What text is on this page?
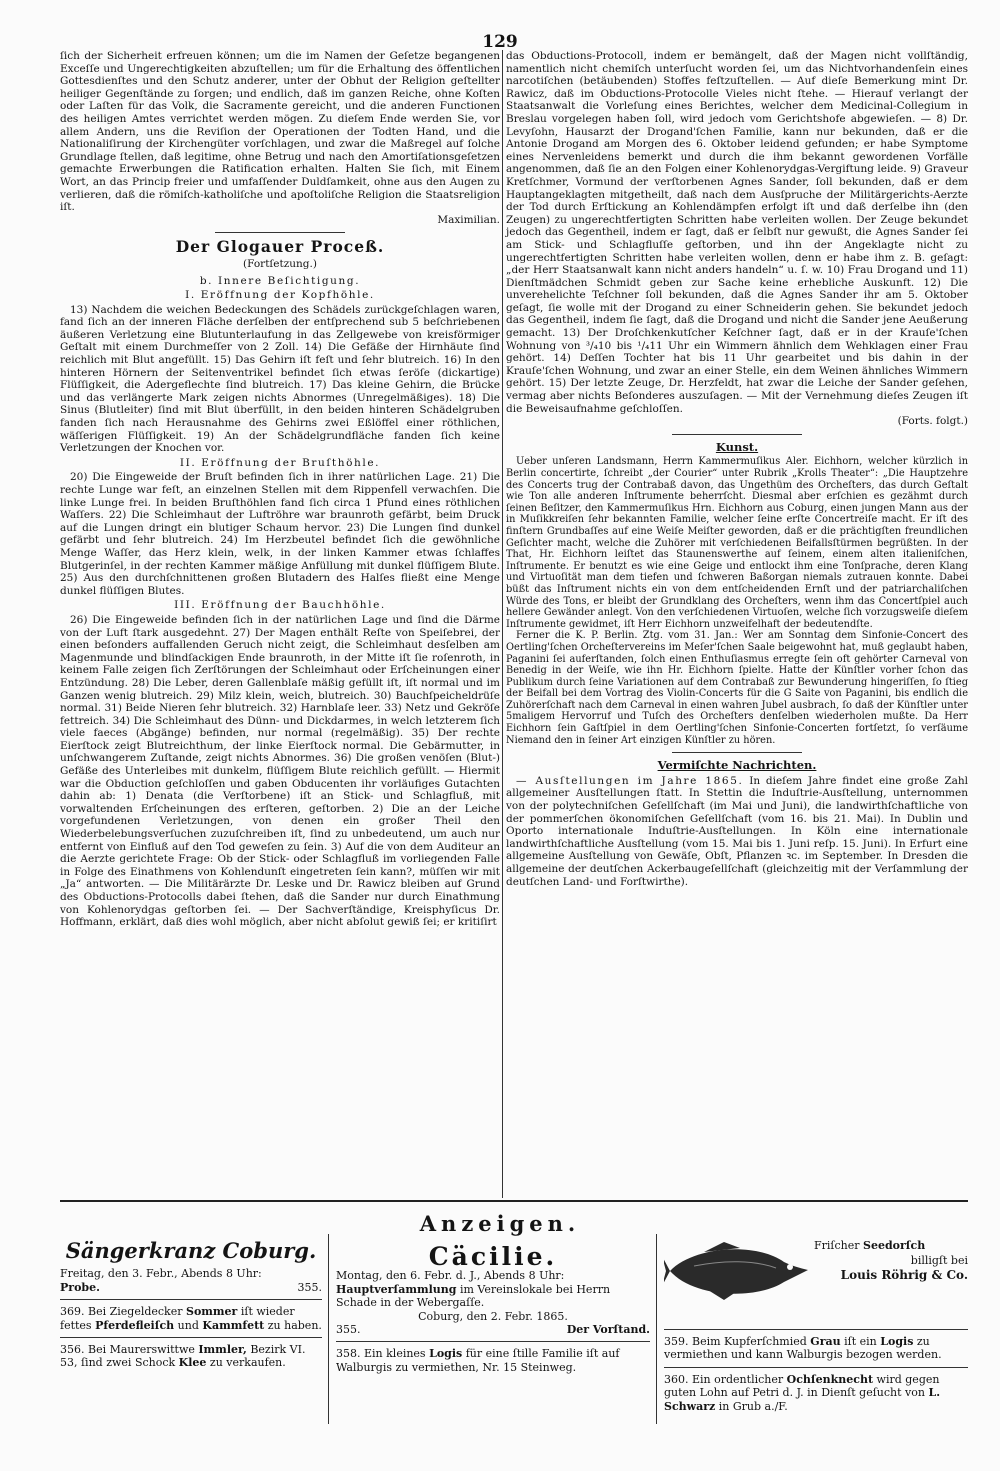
129

ſich der Sicherheit erfreuen können; um die im Namen der Geſetze begangenen Exceſſe und Ungerechtigkeiten abzuſtellen; um für die Erhaltung des öffentlichen Gottesdienſtes und den Schutz anderer, unter der Obhut der Religion geſtellter heiliger Gegenſtände zu ſorgen; und endlich, daß im ganzen Reiche, ohne Koſten oder Laſten für das Volk, die Sacramente gereicht, und die anderen Functionen des heiligen Amtes verrichtet werden mögen. Zu dieſem Ende werden Sie, vor allem Andern, uns die Reviſion der Operationen der Todten Hand, und die Nationaliſirung der Kirchengüter vorſchlagen, und zwar die Maßregel auf ſolche Grundlage ſtellen, daß legitime, ohne Betrug und nach den Amortiſationsgeſetzen gemachte Erwerbungen die Ratification erhalten. Halten Sie ſich, mit Einem Wort, an das Princip freier und umfaſſender Duldſamkeit, ohne aus den Augen zu verlieren, daß die römiſch-katholiſche und apoſtoliſche Religion die Staatsreligion iſt.

Maximilian.

Der Glogauer Proceß.
(Fortſetzung.)
b. Innere Beſichtigung.
I. Eröffnung der Kopfhöhle.

13) Nachdem die weichen Bedeckungen des Schädels zurückgeſchlagen waren, fand ſich an der inneren Fläche derſelben der entſprechend sub 5 beſchriebenen äußeren Verletzung eine Blutunterlaufung in das Zellgewebe von kreisförmiger Geſtalt mit einem Durchmeſſer von 2 Zoll. 14) Die Gefäße der Hirnhäute ſind reichlich mit Blut angefüllt. 15) Das Gehirn iſt feſt und ſehr blutreich. 16) In den hinteren Hörnern der Seitenventrikel befindet ſich etwas ſeröſe (dickartige) Flüſſigkeit, die Adergeflechte ſind blutreich. 17) Das kleine Gehirn, die Brücke und das verlängerte Mark zeigen nichts Abnormes (Unregelmäßiges). 18) Die Sinus (Blutleiter) ſind mit Blut überfüllt, in den beiden hinteren Schädelgruben fanden ſich nach Herausnahme des Gehirns zwei Eßlöffel einer röthlichen, wäſſerigen Flüſſigkeit. 19) An der Schädelgrundfläche fanden ſich keine Verletzungen der Knochen vor.

II. Eröffnung der Bruſthöhle.

20) Die Eingeweide der Bruſt befinden ſich in ihrer natürlichen Lage. 21) Die rechte Lunge war feſt, an einzelnen Stellen mit dem Rippenfell verwachſen. Die linke Lunge frei. In beiden Bruſthöhlen fand ſich circa 1 Pfund eines röthlichen Waſſers. 22) Die Schleimhaut der Luftröhre war braunroth gefärbt, beim Druck auf die Lungen dringt ein blutiger Schaum hervor. 23) Die Lungen ſind dunkel gefärbt und ſehr blutreich. 24) Im Herzbeutel befindet ſich die gewöhnliche Menge Waſſer, das Herz klein, welk, in der linken Kammer etwas ſchlaffes Blutgerinſel, in der rechten Kammer mäßige Anfüllung mit dunkel flüſſigem Blute. 25) Aus den durchſchnittenen großen Blutadern des Halſes fließt eine Menge dunkel flüſſigen Blutes.

III. Eröffnung der Bauchhöhle.

26) Die Eingeweide befinden ſich in der natürlichen Lage und ſind die Därme von der Luft ſtark ausgedehnt. 27) Der Magen enthält Reſte von Speiſebrei, der einen beſonders auffallenden Geruch nicht zeigt, die Schleimhaut desſelben am Magenmunde und blindſackigen Ende braunroth, in der Mitte iſt ſie roſenroth, in keinem Falle zeigen ſich Zerſtörungen der Schleimhaut oder Erſcheinungen einer Entzündung. 28) Die Leber, deren Gallenblaſe mäßig gefüllt iſt, iſt normal und im Ganzen wenig blutreich. 29) Milz klein, weich, blutreich. 30) Bauchſpeicheldrüſe normal. 31) Beide Nieren ſehr blutreich. 32) Harnblaſe leer. 33) Netz und Gekröſe fettreich. 34) Die Schleimhaut des Dünn- und Dickdarmes, in welch letzterem ſich viele faeces (Abgänge) befinden, nur normal (regelmäßig). 35) Der rechte Eierſtock zeigt Blutreichthum, der linke Eierſtock normal. Die Gebärmutter, in unſchwangerem Zuſtande, zeigt nichts Abnormes. 36) Die großen venöſen (Blut-) Gefäße des Unterleibes mit dunkelm, flüſſigem Blute reichlich gefüllt. — Hiermit war die Obduction geſchloſſen und gaben Obducenten ihr vorläufiges Gutachten dahin ab: 1) Denata (die Verſtorbene) iſt an Stick- und Schlagfluß, mit vorwaltenden Erſcheinungen des erſteren, geſtorben. 2) Die an der Leiche vorgefundenen Verletzungen, von denen ein großer Theil den Wiederbelebungsverſuchen zuzuſchreiben iſt, ſind zu unbedeutend, um auch nur entfernt von Einfluß auf den Tod geweſen zu ſein. 3) Auf die von dem Auditeur an die Aerzte gerichtete Frage: Ob der Stick- oder Schlagfluß im vorliegenden Falle in Folge des Einathmens von Kohlendunſt eingetreten ſein kann?, müſſen wir mit „Ja“ antworten. — Die Militärärzte Dr. Leske und Dr. Rawicz bleiben auf Grund des Obductions-Protocolls dabei ſtehen, daß die Sander nur durch Einathmung von Kohlenorydgas geſtorben ſei. — Der Sachverſtändige, Kreisphyſicus Dr. Hoffmann, erklärt, daß dies wohl möglich, aber nicht abſolut gewiß ſei; er kritiſirt

das Obductions-Protocoll, indem er bemängelt, daß der Magen nicht vollſtändig, namentlich nicht chemiſch unterſucht worden ſei, um das Nichtvorhandenſein eines narcotiſchen (betäubenden) Stoffes feſtzuſtellen. — Auf dieſe Bemerkung mint Dr. Rawicz, daß im Obductions-Protocolle Vieles nicht ſtehe. — Hierauf verlangt der Staatsanwalt die Vorleſung eines Berichtes, welcher dem Medicinal-Collegium in Breslau vorgelegen haben ſoll, wird jedoch vom Gerichtshofe abgewieſen. — 8) Dr. Levyſohn, Hausarzt der Drogand'ſchen Familie, kann nur bekunden, daß er die Antonie Drogand am Morgen des 6. Oktober leidend gefunden; er habe Symptome eines Nervenleidens bemerkt und durch die ihm bekannt gewordenen Vorfälle angenommen, daß ſie an den Folgen einer Kohlenorydgas-Vergiftung leide. 9) Graveur Kretſchmer, Vormund der verſtorbenen Agnes Sander, ſoll bekunden, daß er dem Hauptangeklagten mitgetheilt, daß nach dem Ausſpruche der Militärgerichts-Aerzte der Tod durch Erſtickung an Kohlendämpfen erfolgt iſt und daß derſelbe ihn (den Zeugen) zu ungerechtfertigten Schritten habe verleiten wollen. Der Zeuge bekundet jedoch das Gegentheil, indem er ſagt, daß er ſelbſt nur gewußt, die Agnes Sander ſei am Stick- und Schlagfluſſe geſtorben, und ihn der Angeklagte nicht zu ungerechtfertigten Schritten habe verleiten wollen, denn er habe ihm z. B. geſagt: „der Herr Staatsanwalt kann nicht anders handeln“ u. ſ. w. 10) Frau Drogand und 11) Dienſtmädchen Schmidt geben zur Sache keine erhebliche Auskunft. 12) Die unverehelichte Teſchner ſoll bekunden, daß die Agnes Sander ihr am 5. Oktober geſagt, ſie wolle mit der Drogand zu einer Schneiderin gehen. Sie bekundet jedoch das Gegentheil, indem ſie ſagt, daß die Drogand und nicht die Sander jene Aeußerung gemacht. 13) Der Droſchkenkutſcher Keſchner ſagt, daß er in der Krauſe'ſchen Wohnung von ³/₄10 bis ¹/₄11 Uhr ein Wimmern ähnlich dem Wehklagen einer Frau gehört. 14) Deſſen Tochter hat bis 11 Uhr gearbeitet und bis dahin in der Krauſe'ſchen Wohnung, und zwar an einer Stelle, ein dem Weinen ähnliches Wimmern gehört. 15) Der letzte Zeuge, Dr. Herzfeldt, hat zwar die Leiche der Sander geſehen, vermag aber nichts Beſonderes auszuſagen. — Mit der Vernehmung dieſes Zeugen iſt die Beweisaufnahme geſchloſſen.

(Forts. folgt.)

Kunst.

Ueber unſeren Landsmann, Herrn Kammermuſikus Aler. Eichhorn, welcher kürzlich in Berlin concertirte, ſchreibt „der Courier“ unter Rubrik „Krolls Theater“: „Die Hauptzehre des Concerts trug der Contrabaß davon, das Ungethüm des Orcheſters, das durch Geſtalt wie Ton alle anderen Inſtrumente beherrſcht. Diesmal aber erſchien es gezähmt durch ſeinen Beſitzer, den Kammermuſikus Hrn. Eichhorn aus Coburg, einen jungen Mann aus der in Muſikkreiſen ſehr bekannten Familie, welcher ſeine erſte Concertreiſe macht. Er iſt des finſtern Grundbaſſes auf eine Weiſe Meiſter geworden, daß er die prächtigſten freundlichen Geſichter macht, welche die Zuhörer mit verſchiedenen Beifallsſtürmen begrüßten. In der That, Hr. Eichhorn leiſtet das Staunenswerthe auf ſeinem, einem alten italieniſchen, Inſtrumente. Er benutzt es wie eine Geige und entlockt ihm eine Tonſprache, deren Klang und Virtuoſität man dem tiefen und ſchweren Baßorgan niemals zutrauen konnte. Dabei büßt das Inſtrument nichts ein von dem entſcheidenden Ernſt und der patriarchaliſchen Würde des Tons, er bleibt der Grundklang des Orcheſters, wenn ihm das Concertſpiel auch hellere Gewänder anlegt. Von den verſchiedenen Virtuoſen, welche ſich vorzugsweiſe dieſem Inſtrumente gewidmet, iſt Herr Eichhorn unzweifelhaft der bedeutendſte.

Ferner die K. P. Berlin. Ztg. vom 31. Jan.: Wer am Sonntag dem Sinfonie-Concert des Oertling'ſchen Orcheſtervereins im Meſer'ſchen Saale beigewohnt hat, muß geglaubt haben, Paganini ſei auferſtanden, ſolch einen Enthuſiasmus erregte ſein oft gehörter Carneval von Benedig in der Weiſe, wie ihn Hr. Eichhorn ſpielte. Hatte der Künſtler vorher ſchon das Publikum durch ſeine Variationen auf dem Contrabaß zur Bewunderung hingeriſſen, ſo ſtieg der Beifall bei dem Vortrag des Violin-Concerts für die G Saite von Paganini, bis endlich die Zuhörerſchaft nach dem Carneval in einen wahren Jubel ausbrach, ſo daß der Künſtler unter 5maligem Hervorruf und Tuſch des Orcheſters denſelben wiederholen mußte. Da Herr Eichhorn ſein Gaſtſpiel in dem Oertling'ſchen Sinfonie-Concerten fortſetzt, ſo verſäume Niemand den in ſeiner Art einzigen Künſtler zu hören.

Vermiſchte Nachrichten.

— Ausſtellungen im Jahre 1865. In dieſem Jahre findet eine große Zahl allgemeiner Ausſtellungen ſtatt. In Stettin die Induſtrie-Ausſtellung, unternommen von der polytechniſchen Geſellſchaft (im Mai und Juni), die landwirthſchaftliche von der pommerſchen ökonomiſchen Geſellſchaft (vom 16. bis 21. Mai). In Dublin und Oporto internationale Induſtrie-Ausſtellungen. In Köln eine internationale landwirthſchaftliche Ausſtellung (vom 15. Mai bis 1. Juni reſp. 15. Juni). In Erfurt eine allgemeine Ausſtellung von Gewäſe, Obſt, Pflanzen ꝛc. im September. In Dresden die allgemeine der deutſchen Ackerbaugeſellſchaft (gleichzeitig mit der Verſammlung der deutſchen Land- und Forſtwirthe).

Anzeigen.
Sängerkranz Coburg.

Freitag, den 3. Febr., Abends 8 Uhr:

Probe.	355.

369. Bei Ziegeldecker Sommer iſt wieder fettes Pferdefleiſch und Kammfett zu haben.

356. Bei Maurerswittwe Immler, Bezirk VI. 53, ſind zwei Schock Klee zu verkaufen.

Cäcilie.

Montag, den 6. Febr. d. J., Abends 8 Uhr:

Hauptverſammlung im Vereinslokale bei Herrn Schade in der Webergaſſe.

Coburg, den 2. Febr. 1865.

355.	Der Vorſtand.

358. Ein kleines Logis für eine ſtille Familie iſt auf Walburgis zu vermiethen, Nr. 15 Steinweg.

Friſcher Seedorſch

billigſt bei

Louis Röhrig & Co.

359. Beim Kupferſchmied Grau iſt ein Logis zu vermiethen und kann Walburgis bezogen werden.

360. Ein ordentlicher Ochſenknecht wird gegen guten Lohn auf Petri d. J. in Dienſt geſucht von L. Schwarz in Grub a./F.
